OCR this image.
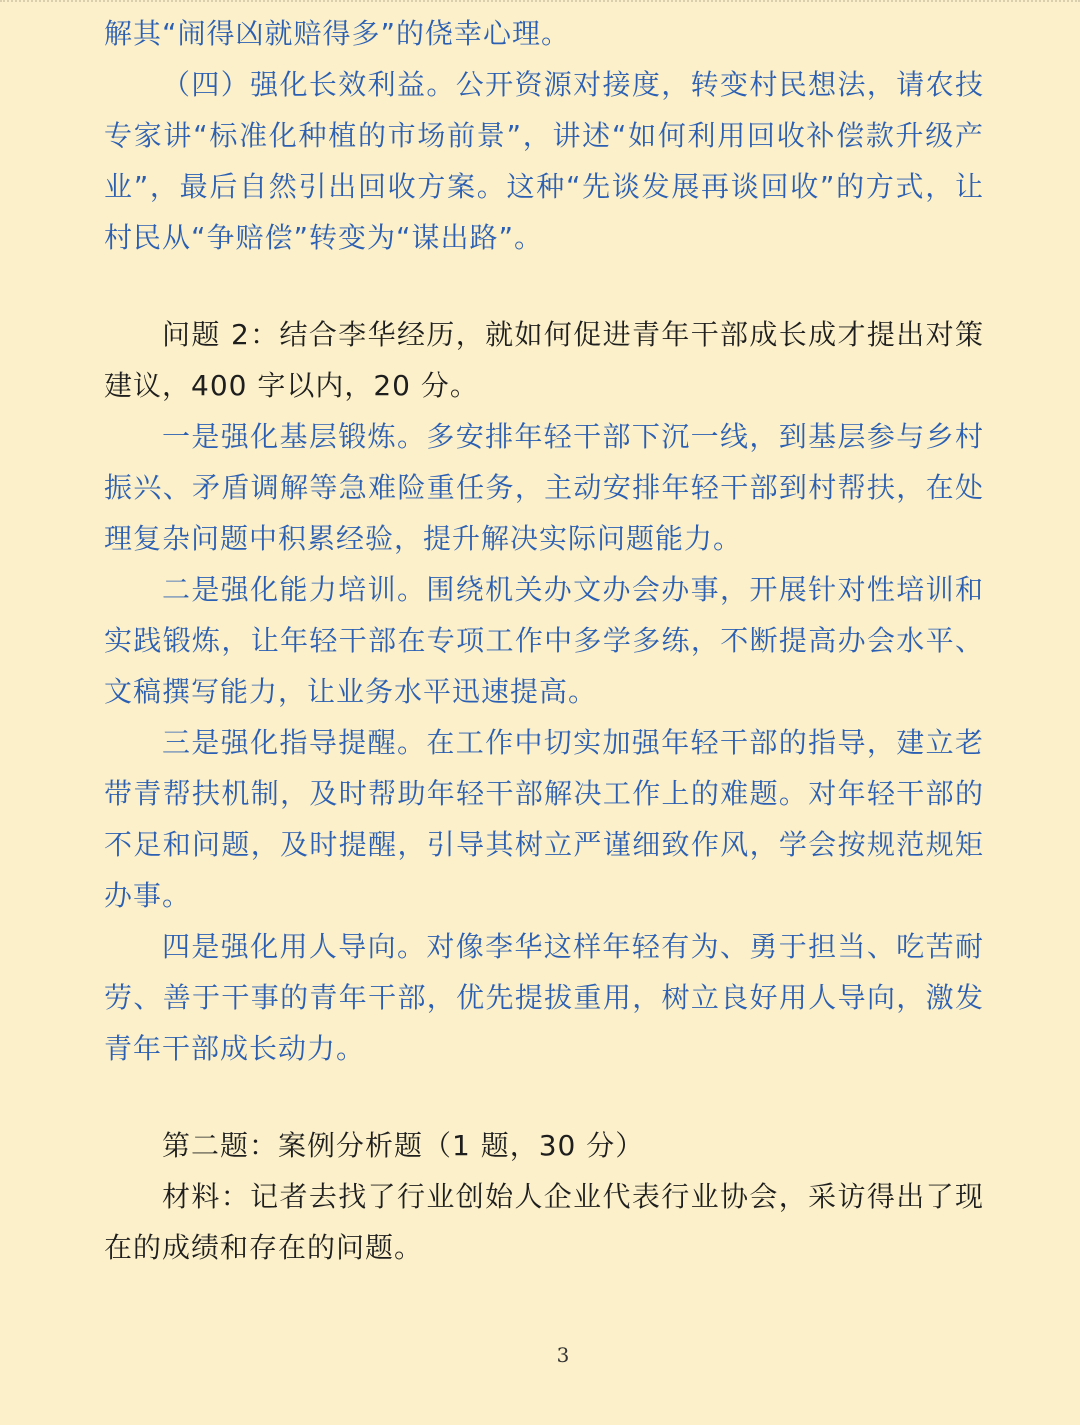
解其“闹得凶就赔得多”的侥幸心理。

（四）强化长效利益。公开资源对接度，转变村民想法，请农技专家讲“标准化种植的市场前景”，讲述“如何利用回收补偿款升级产业”，最后自然引出回收方案。这种“先谈发展再谈回收”的方式，让村民从“争赔偿”转变为“谋出路”。

问题 2：结合李华经历，就如何促进青年干部成长成才提出对策建议，400 字以内，20 分。

一是强化基层锻炼。多安排年轻干部下沉一线，到基层参与乡村振兴、矛盾调解等急难险重任务，主动安排年轻干部到村帮扶，在处理复杂问题中积累经验，提升解决实际问题能力。

二是强化能力培训。围绕机关办文办会办事，开展针对性培训和实践锻炼，让年轻干部在专项工作中多学多练，不断提高办会水平、文稿撰写能力，让业务水平迅速提高。

三是强化指导提醒。在工作中切实加强年轻干部的指导，建立老带青帮扶机制，及时帮助年轻干部解决工作上的难题。对年轻干部的不足和问题，及时提醒，引导其树立严谨细致作风，学会按规范规矩办事。

四是强化用人导向。对像李华这样年轻有为、勇于担当、吃苦耐劳、善于干事的青年干部，优先提拔重用，树立良好用人导向，激发青年干部成长动力。

第二题：案例分析题（1 题，30 分）

材料：记者去找了行业创始人企业代表行业协会，采访得出了现在的成绩和存在的问题。

3
